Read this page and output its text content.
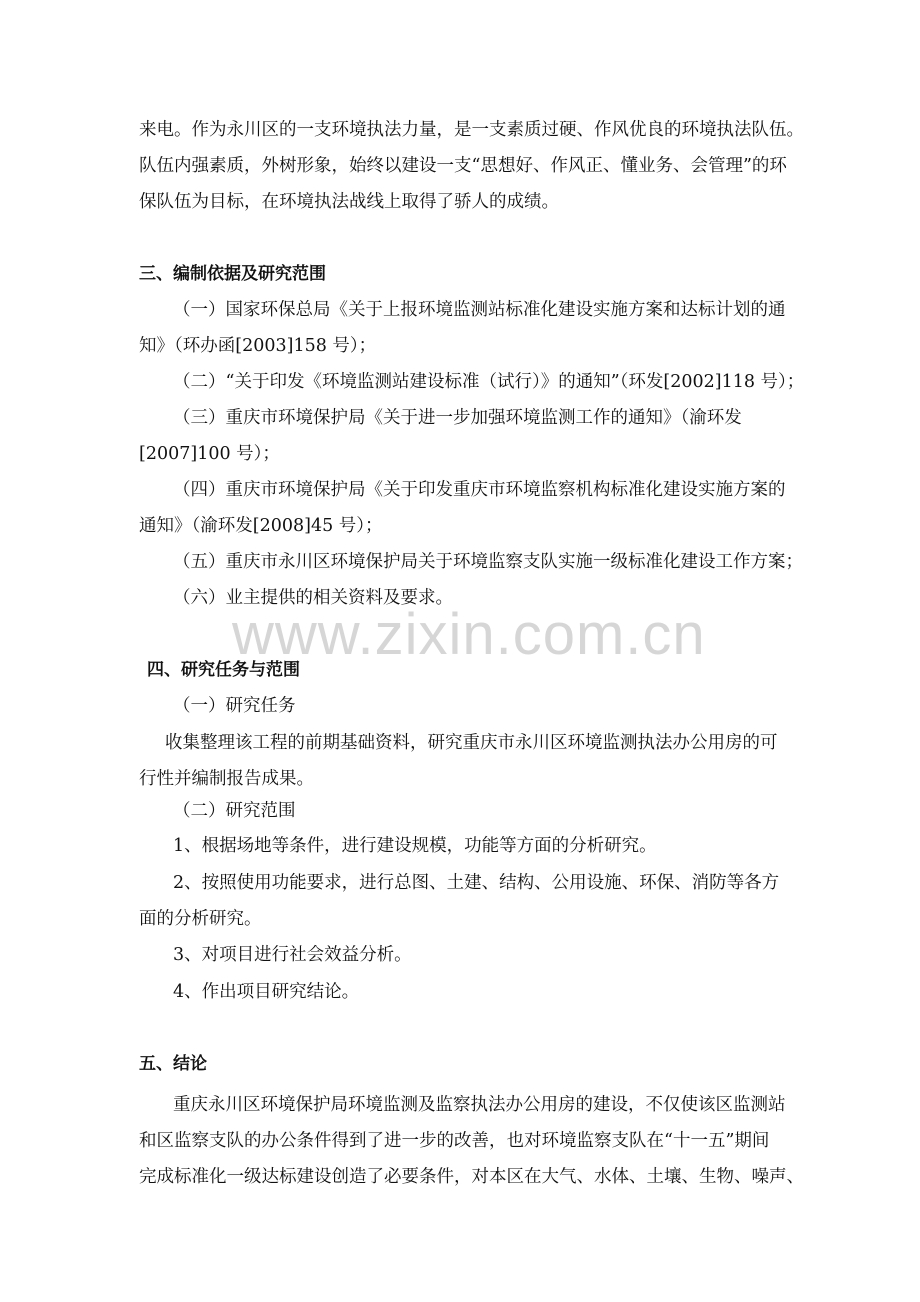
来电。作为永川区的一支环境执法力量，是一支素质过硬、作风优良的环境执法队伍。
队伍内强素质，外树形象，始终以建设一支“思想好、作风正、懂业务、会管理”的环
保队伍为目标，在环境执法战线上取得了骄人的成绩。
三、编制依据及研究范围
（一）国家环保总局《关于上报环境监测站标准化建设实施方案和达标计划的通
知》（环办函[2003]158 号）；
（二）“关于印发《环境监测站建设标准（试行）》的通知”（环发[2002]118 号）；
（三）重庆市环境保护局《关于进一步加强环境监测工作的通知》（渝环发
[2007]100 号）；
（四）重庆市环境保护局《关于印发重庆市环境监察机构标准化建设实施方案的
通知》（渝环发[2008]45 号）；
（五）重庆市永川区环境保护局关于环境监察支队实施一级标准化建设工作方案；
（六）业主提供的相关资料及要求。
www.zixin.com.cn
四、研究任务与范围
（一）研究任务
收集整理该工程的前期基础资料，研究重庆市永川区环境监测执法办公用房的可
行性并编制报告成果。
（二）研究范围
1、根据场地等条件，进行建设规模，功能等方面的分析研究。
2、按照使用功能要求，进行总图、土建、结构、公用设施、环保、消防等各方
面的分析研究。
3、对项目进行社会效益分析。
4、作出项目研究结论。
五、结论
重庆永川区环境保护局环境监测及监察执法办公用房的建设，不仅使该区监测站
和区监察支队的办公条件得到了进一步的改善，也对环境监察支队在“十一五”期间
完成标准化一级达标建设创造了必要条件，对本区在大气、水体、土壤、生物、噪声、
